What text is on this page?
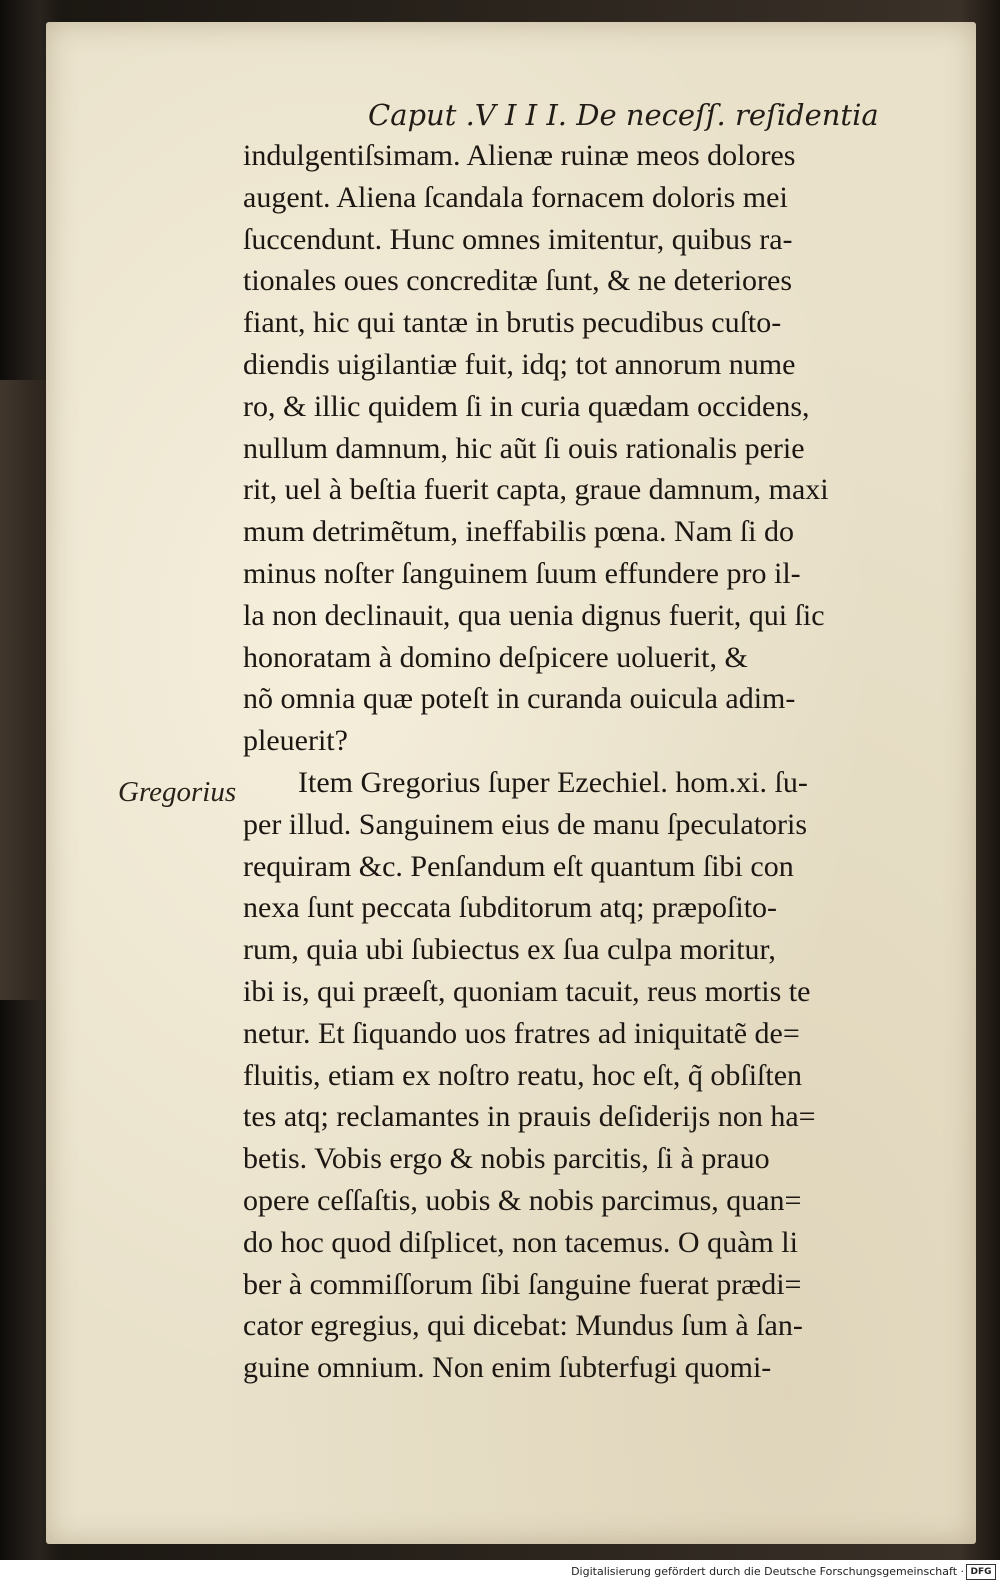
Caput .V I I I. De neceſſ. reſidentia
Gregorius
indulgentiſsimam. Alienæ ruinæ meos dolores
augent. Aliena ſcandala fornacem doloris mei
ſuccendunt. Hunc omnes imitentur, quibus ra-
tionales oues concreditæ ſunt, & ne deteriores
fiant, hic qui tantæ in brutis pecudibus cuſto-
diendis uigilantiæ fuit, idq; tot annorum nume
ro, & illic quidem ſi in curia quædam occidens,
nullum damnum, hic aũt ſi ouis rationalis perie
rit, uel à beſtia fuerit capta, graue damnum, maxi
mum detrimẽtum, ineffabilis pœna. Nam ſi do
minus noſter ſanguinem ſuum effundere pro il-
la non declinauit, qua uenia dignus fuerit, qui ſic
honoratam à domino deſpicere uoluerit, &
nõ omnia quæ poteſt in curanda ouicula adim-
pleuerit?
Item Gregorius ſuper Ezechiel. hom.xi. ſu-
per illud. Sanguinem eius de manu ſpeculatoris
requiram &c. Penſandum eſt quantum ſibi con
nexa ſunt peccata ſubditorum atq; præpoſito-
rum, quia ubi ſubiectus ex ſua culpa moritur,
ibi is, qui præeſt, quoniam tacuit, reus mortis te
netur. Et ſiquando uos fratres ad iniquitatẽ de=
fluitis, etiam ex noſtro reatu, hoc eſt, q̃ obſiſten
tes atq; reclamantes in prauis deſiderijs non ha=
betis. Vobis ergo & nobis parcitis, ſi à prauo
opere ceſſaſtis, uobis & nobis parcimus, quan=
do hoc quod diſplicet, non tacemus. O quàm li
ber à commiſſorum ſibi ſanguine fuerat prædi=
cator egregius, qui dicebat: Mundus ſum à ſan-
guine omnium. Non enim ſubterfugi quomi-
Digitalisierung gefördert durch die Deutsche Forschungsgemeinschaft · DFG
